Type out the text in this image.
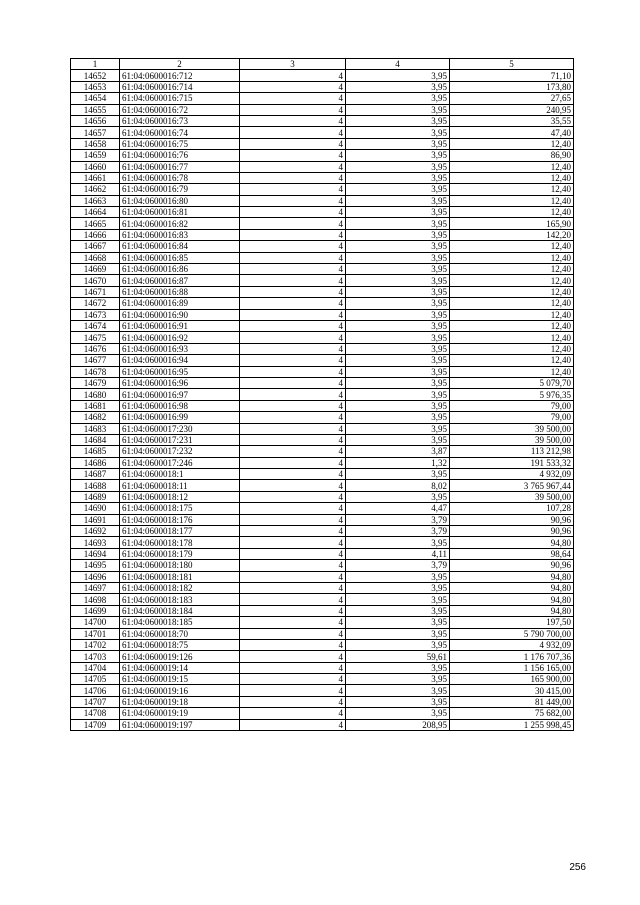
1	2	3	4	5
14652	61:04:0600016:712	4	3,95	71,10
14653	61:04:0600016:714	4	3,95	173,80
14654	61:04:0600016:715	4	3,95	27,65
14655	61:04:0600016:72	4	3,95	240,95
14656	61:04:0600016:73	4	3,95	35,55
14657	61:04:0600016:74	4	3,95	47,40
14658	61:04:0600016:75	4	3,95	12,40
14659	61:04:0600016:76	4	3,95	86,90
14660	61:04:0600016:77	4	3,95	12,40
14661	61:04:0600016:78	4	3,95	12,40
14662	61:04:0600016:79	4	3,95	12,40
14663	61:04:0600016:80	4	3,95	12,40
14664	61:04:0600016:81	4	3,95	12,40
14665	61:04:0600016:82	4	3,95	165,90
14666	61:04:0600016:83	4	3,95	142,20
14667	61:04:0600016:84	4	3,95	12,40
14668	61:04:0600016:85	4	3,95	12,40
14669	61:04:0600016:86	4	3,95	12,40
14670	61:04:0600016:87	4	3,95	12,40
14671	61:04:0600016:88	4	3,95	12,40
14672	61:04:0600016:89	4	3,95	12,40
14673	61:04:0600016:90	4	3,95	12,40
14674	61:04:0600016:91	4	3,95	12,40
14675	61:04:0600016:92	4	3,95	12,40
14676	61:04:0600016:93	4	3,95	12,40
14677	61:04:0600016:94	4	3,95	12,40
14678	61:04:0600016:95	4	3,95	12,40
14679	61:04:0600016:96	4	3,95	5 079,70
14680	61:04:0600016:97	4	3,95	5 976,35
14681	61:04:0600016:98	4	3,95	79,00
14682	61:04:0600016:99	4	3,95	79,00
14683	61:04:0600017:230	4	3,95	39 500,00
14684	61:04:0600017:231	4	3,95	39 500,00
14685	61:04:0600017:232	4	3,87	113 212,98
14686	61:04:0600017:246	4	1,32	191 533,32
14687	61:04:0600018:1	4	3,95	4 932,09
14688	61:04:0600018:11	4	8,02	3 765 967,44
14689	61:04:0600018:12	4	3,95	39 500,00
14690	61:04:0600018:175	4	4,47	107,28
14691	61:04:0600018:176	4	3,79	90,96
14692	61:04:0600018:177	4	3,79	90,96
14693	61:04:0600018:178	4	3,95	94,80
14694	61:04:0600018:179	4	4,11	98,64
14695	61:04:0600018:180	4	3,79	90,96
14696	61:04:0600018:181	4	3,95	94,80
14697	61:04:0600018:182	4	3,95	94,80
14698	61:04:0600018:183	4	3,95	94,80
14699	61:04:0600018:184	4	3,95	94,80
14700	61:04:0600018:185	4	3,95	197,50
14701	61:04:0600018:70	4	3,95	5 790 700,00
14702	61:04:0600018:75	4	3,95	4 932,09
14703	61:04:0600019:126	4	59,61	1 176 707,36
14704	61:04:0600019:14	4	3,95	1 156 165,00
14705	61:04:0600019:15	4	3,95	165 900,00
14706	61:04:0600019:16	4	3,95	30 415,00
14707	61:04:0600019:18	4	3,95	81 449,00
14708	61:04:0600019:19	4	3,95	75 682,00
14709	61:04:0600019:197	4	208,95	1 255 998,45
256
